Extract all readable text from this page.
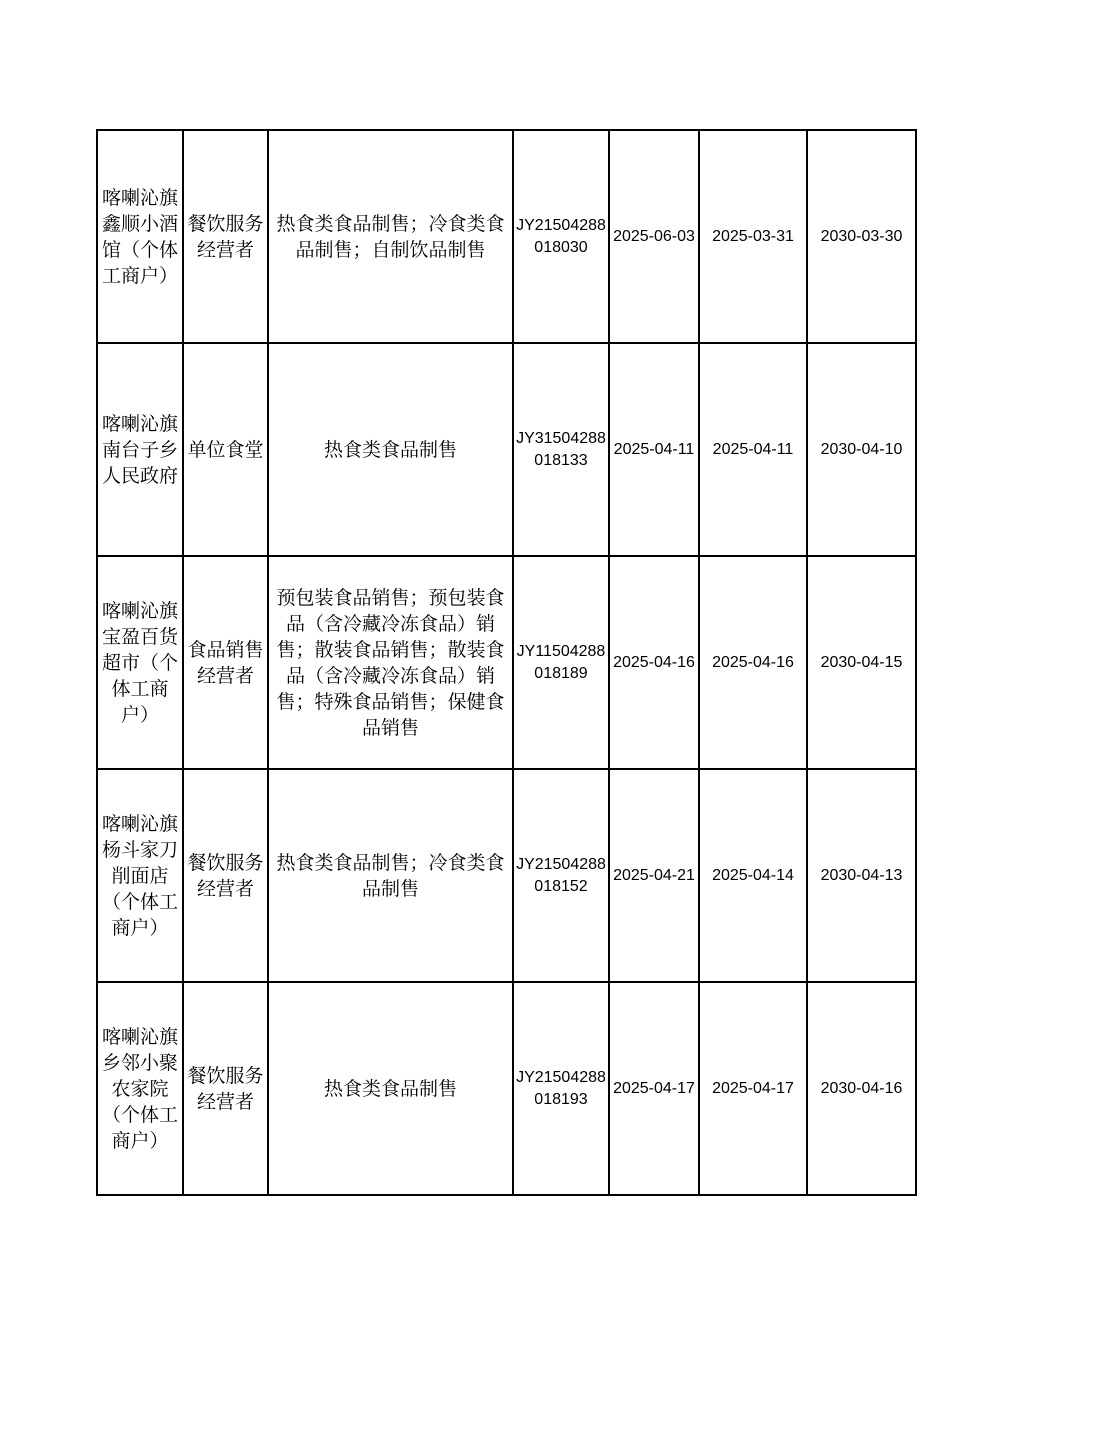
喀喇沁旗鑫顺小酒馆（个体工商户）	餐饮服务经营者	热食类食品制售；冷食类食品制售；自制饮品制售	JY21504288018030	2025-06-03	2025-03-31	2030-03-30
喀喇沁旗南台子乡人民政府	单位食堂	热食类食品制售	JY31504288018133	2025-04-11	2025-04-11	2030-04-10
喀喇沁旗宝盈百货超市（个体工商户）	食品销售经营者	预包装食品销售；预包装食品（含冷藏冷冻食品）销售；散装食品销售；散装食品（含冷藏冷冻食品）销售；特殊食品销售；保健食品销售	JY11504288018189	2025-04-16	2025-04-16	2030-04-15
喀喇沁旗杨斗家刀削面店（个体工商户）	餐饮服务经营者	热食类食品制售；冷食类食品制售	JY21504288018152	2025-04-21	2025-04-14	2030-04-13
喀喇沁旗乡邻小聚农家院（个体工商户）	餐饮服务经营者	热食类食品制售	JY21504288018193	2025-04-17	2025-04-17	2030-04-16
